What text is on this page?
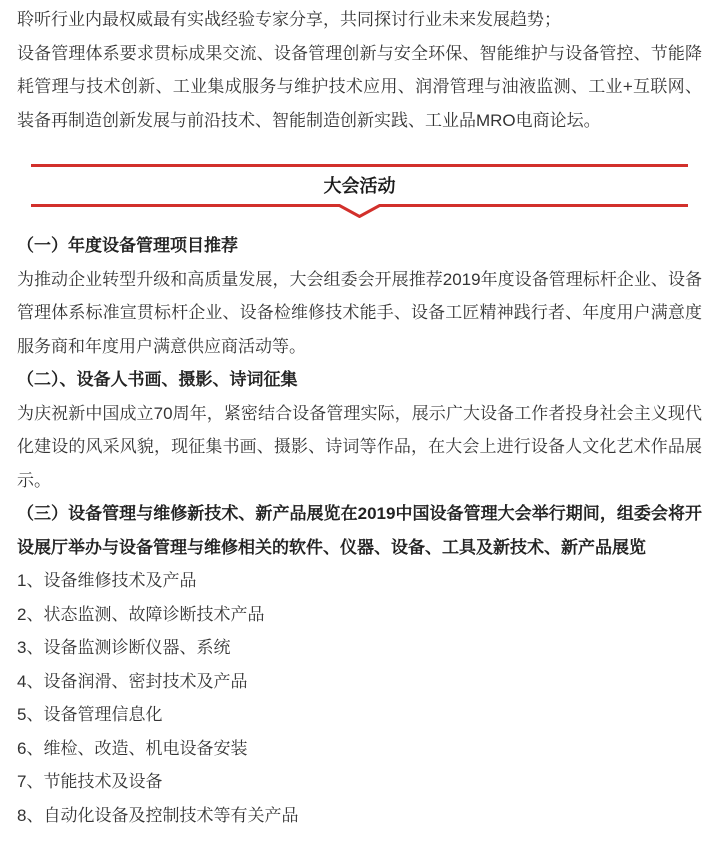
聆听行业内最权威最有实战经验专家分享，共同探讨行业未来发展趋势；

设备管理体系要求贯标成果交流、设备管理创新与安全环保、智能维护与设备管控、节能降耗管理与技术创新、工业集成服务与维护技术应用、润滑管理与油液监测、工业+互联网、装备再制造创新发展与前沿技术、智能制造创新实践、工业品MRO电商论坛。

大会活动

（一）年度设备管理项目推荐

为推动企业转型升级和高质量发展，大会组委会开展推荐2019年度设备管理标杆企业、设备管理体系标准宣贯标杆企业、设备检维修技术能手、设备工匠精神践行者、年度用户满意度服务商和年度用户满意供应商活动等。

（二）、设备人书画、摄影、诗词征集

为庆祝新中国成立70周年，紧密结合设备管理实际，展示广大设备工作者投身社会主义现代化建设的风采风貌，现征集书画、摄影、诗词等作品，在大会上进行设备人文化艺术作品展示。

（三）设备管理与维修新技术、新产品展览在2019中国设备管理大会举行期间，组委会将开设展厅举办与设备管理与维修相关的软件、仪器、设备、工具及新技术、新产品展览

1、设备维修技术及产品

2、状态监测、故障诊断技术产品

3、设备监测诊断仪器、系统

4、设备润滑、密封技术及产品

5、设备管理信息化

6、维检、改造、机电设备安装

7、节能技术及设备

8、自动化设备及控制技术等有关产品
